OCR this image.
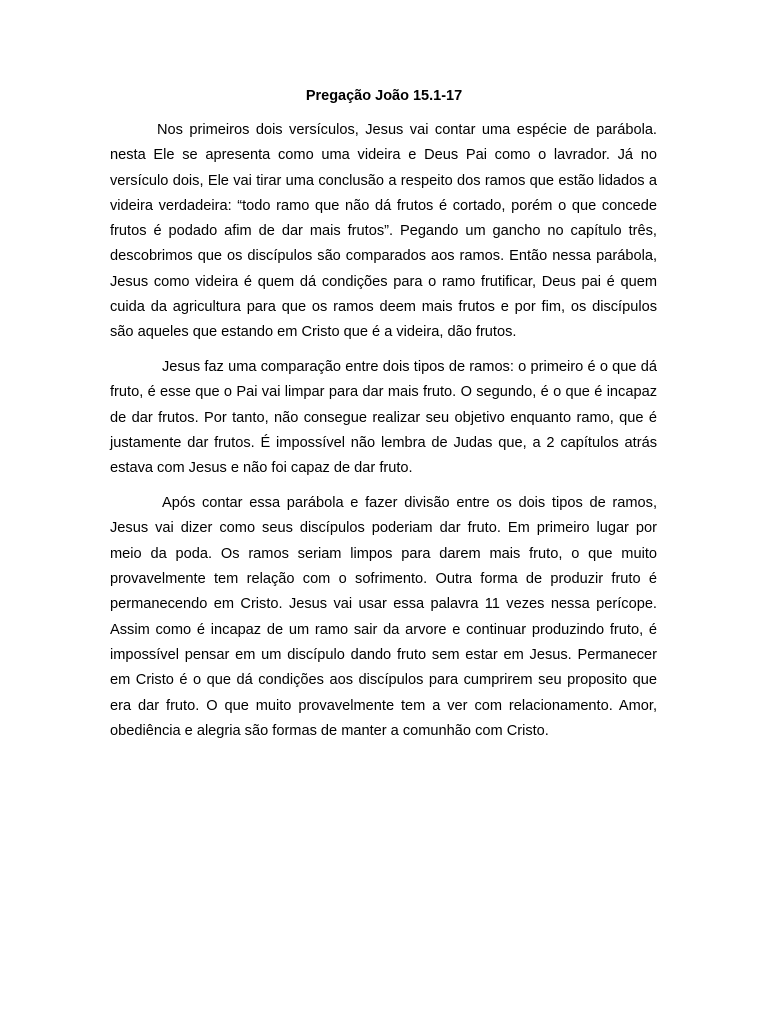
Pregação João 15.1-17

Nos primeiros dois versículos, Jesus vai contar uma espécie de parábola. nesta Ele se apresenta como uma videira e Deus Pai como o lavrador. Já no versículo dois, Ele vai tirar uma conclusão a respeito dos ramos que estão lidados a videira verdadeira: “todo ramo que não dá frutos é cortado, porém o que concede frutos é podado afim de dar mais frutos”. Pegando um gancho no capítulo três, descobrimos que os discípulos são comparados aos ramos. Então nessa parábola, Jesus como videira é quem dá condições para o ramo frutificar, Deus pai é quem cuida da agricultura para que os ramos deem mais frutos e por fim, os discípulos são aqueles que estando em Cristo que é a videira, dão frutos.

Jesus faz uma comparação entre dois tipos de ramos: o primeiro é o que dá fruto, é esse que o Pai vai limpar para dar mais fruto. O segundo, é o que é incapaz de dar frutos. Por tanto, não consegue realizar seu objetivo enquanto ramo, que é justamente dar frutos. É impossível não lembra de Judas que, a 2 capítulos atrás estava com Jesus e não foi capaz de dar fruto.

Após contar essa parábola e fazer divisão entre os dois tipos de ramos, Jesus vai dizer como seus discípulos poderiam dar fruto. Em primeiro lugar por meio da poda. Os ramos seriam limpos para darem mais fruto, o que muito provavelmente tem relação com o sofrimento. Outra forma de produzir fruto é permanecendo em Cristo. Jesus vai usar essa palavra 11 vezes nessa perícope. Assim como é incapaz de um ramo sair da arvore e continuar produzindo fruto, é impossível pensar em um discípulo dando fruto sem estar em Jesus. Permanecer em Cristo é o que dá condições aos discípulos para cumprirem seu proposito que era dar fruto. O que muito provavelmente tem a ver com relacionamento. Amor, obediência e alegria são formas de manter a comunhão com Cristo.
